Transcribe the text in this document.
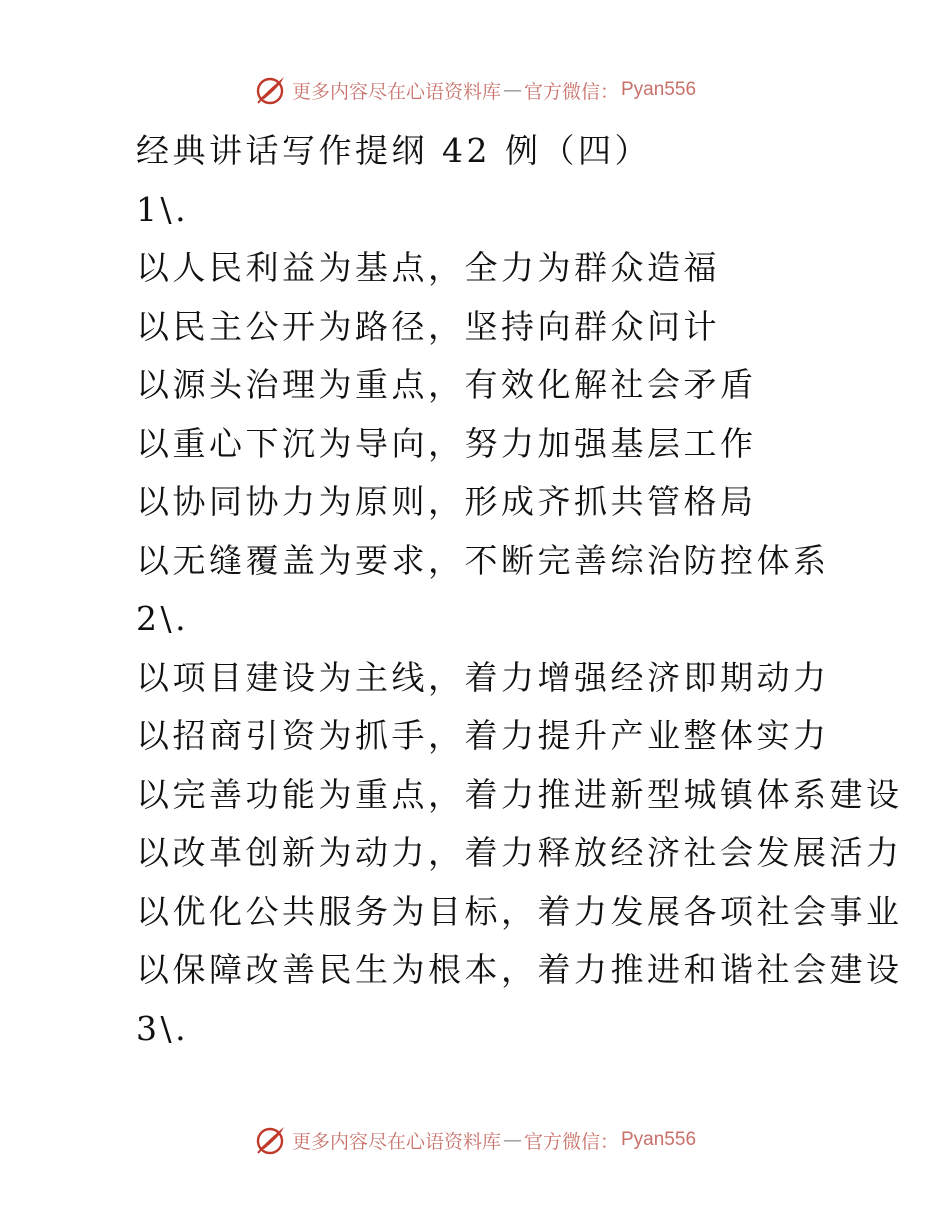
更多内容尽在心语资料库 — 官方微信： Pyan556
经典讲话写作提纲 42 例（四）
1\.
以人民利益为基点，全力为群众造福
以民主公开为路径，坚持向群众问计
以源头治理为重点，有效化解社会矛盾
以重心下沉为导向，努力加强基层工作
以协同协力为原则，形成齐抓共管格局
以无缝覆盖为要求，不断完善综治防控体系
2\.
以项目建设为主线，着力增强经济即期动力
以招商引资为抓手，着力提升产业整体实力
以完善功能为重点，着力推进新型城镇体系建设
以改革创新为动力，着力释放经济社会发展活力
以优化公共服务为目标，着力发展各项社会事业
以保障改善民生为根本，着力推进和谐社会建设
3\.
更多内容尽在心语资料库 — 官方微信： Pyan556
